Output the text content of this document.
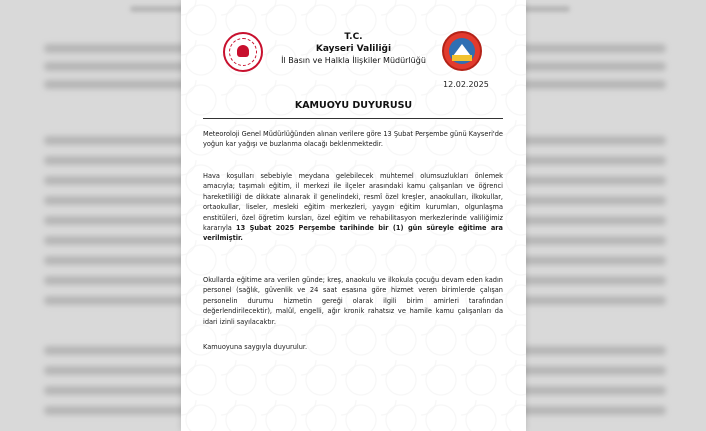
T.C.
Kayseri Valiliği
İl Basın ve Halkla İlişkiler Müdürlüğü
12.02.2025
KAMUOYU DUYURUSU

Meteoroloji Genel Müdürlüğünden alınan verilere göre 13 Şubat Perşembe günü Kayseri'de yoğun kar yağışı ve buzlanma olacağı beklenmektedir.

Hava koşulları sebebiyle meydana gelebilecek muhtemel olumsuzlukları önlemek amacıyla; taşımalı eğitim, il merkezi ile ilçeler arasındaki kamu çalışanları ve öğrenci hareketliliği de dikkate alınarak il genelindeki, resmî özel kreşler, anaokulları, ilkokullar, ortaokullar, liseler, mesleki eğitim merkezleri, yaygın eğitim kurumları, olgunlaşma enstitüleri, özel öğretim kursları, özel eğitim ve rehabilitasyon merkezlerinde valiliğimiz kararıyla 13 Şubat 2025 Perşembe tarihinde bir (1) gün süreyle eğitime ara verilmiştir.

Okullarda eğitime ara verilen günde; kreş, anaokulu ve ilkokula çocuğu devam eden kadın personel (sağlık, güvenlik ve 24 saat esasına göre hizmet veren birimlerde çalışan personelin durumu hizmetin gereği olarak ilgili birim amirleri tarafından değerlendirilecektir), malûl, engelli, ağır kronik rahatsız ve hamile kamu çalışanları da idari izinli sayılacaktır.

Kamuoyuna saygıyla duyurulur.
